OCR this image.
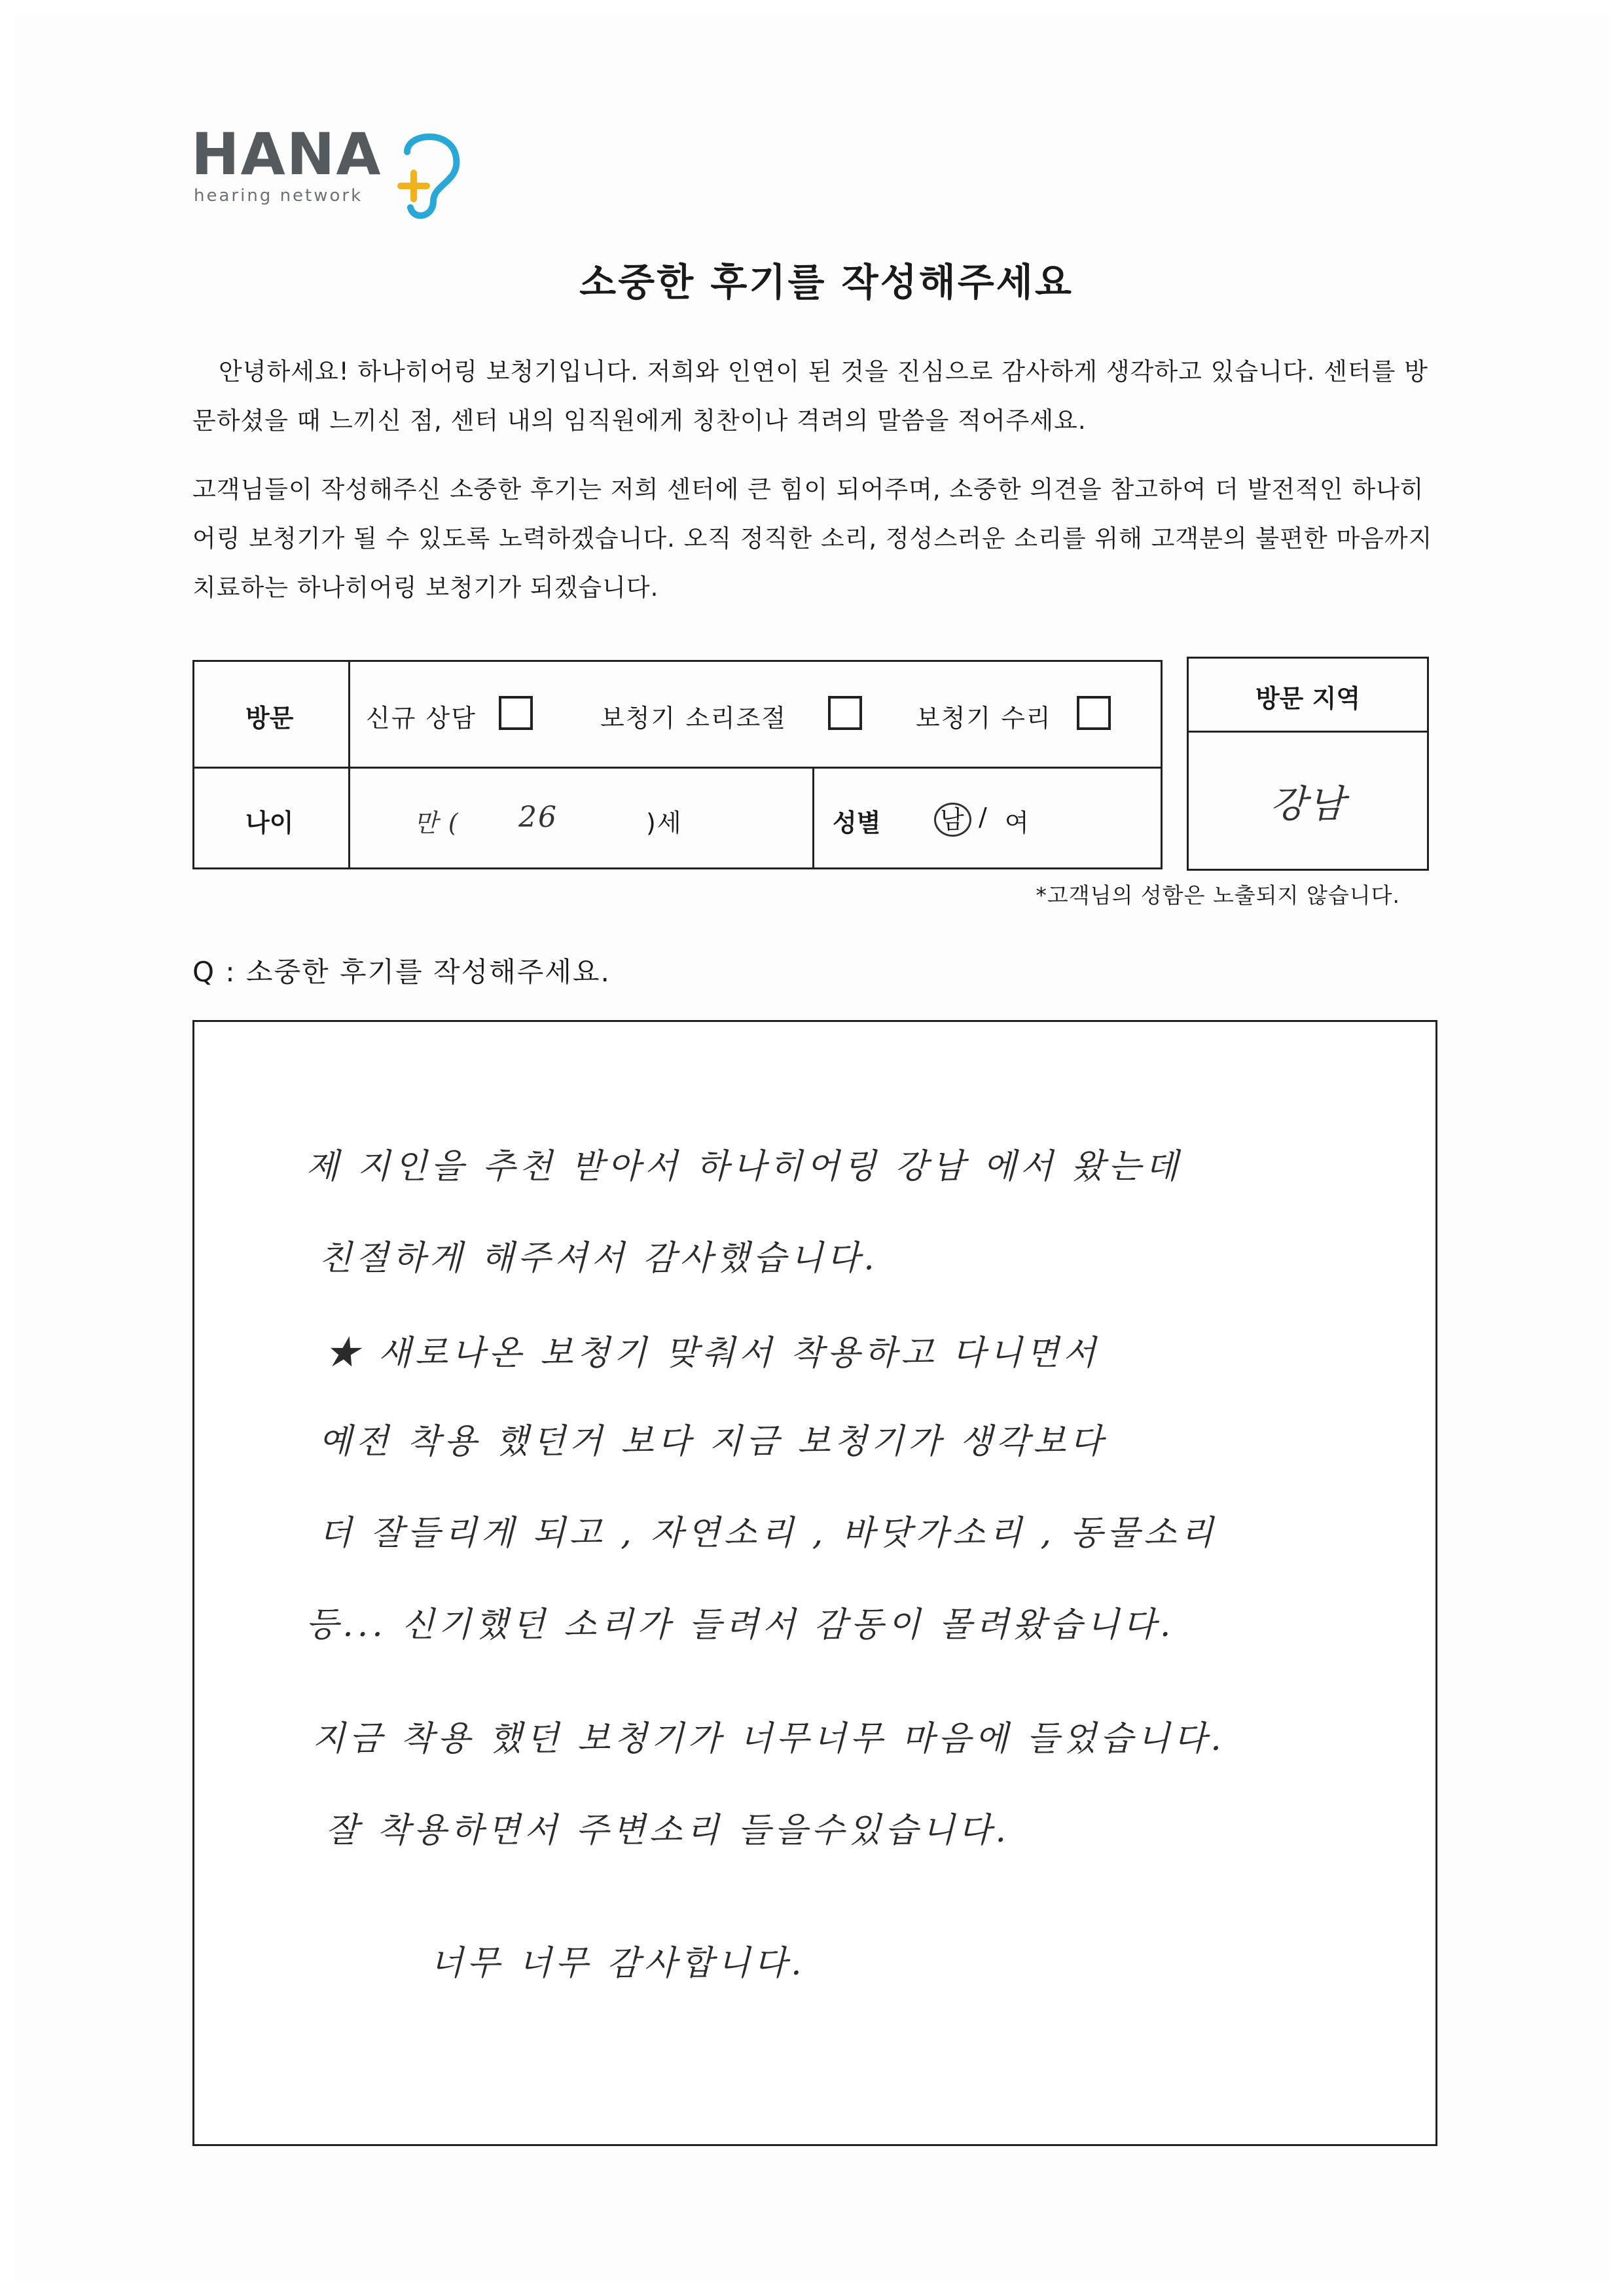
HANA
hearing network
소중한 후기를 작성해주세요
안녕하세요! 하나히어링 보청기입니다. 저희와 인연이 된 것을 진심으로 감사하게 생각하고 있습니다. 센터를 방문하셨을 때 느끼신 점, 센터 내의 임직원에게 칭찬이나 격려의 말씀을 적어주세요.
고객님들이 작성해주신 소중한 후기는 저희 센터에 큰 힘이 되어주며, 소중한 의견을 참고하여 더 발전적인 하나히어링 보청기가 될 수 있도록 노력하겠습니다. 오직 정직한 소리, 정성스러운 소리를 위해 고객분의 불편한 마음까지 치료하는 하나히어링 보청기가 되겠습니다.
방문	신규 상담	보청기 소리조절	보청기 수리
나이	만 ( 26	)세	성별 남 / 여
방문 지역
강남
*고객님의 성함은 노출되지 않습니다.
Q : 소중한 후기를 작성해주세요.
제 지인을 추천 받아서 하나히어링 강남 에서 왔는데
친절하게 해주셔서 감사했습니다.
★ 새로나온 보청기 맞춰서 착용하고 다니면서
예전 착용 했던거 보다 지금 보청기가 생각보다
더 잘들리게 되고 , 자연소리 , 바닷가소리 , 동물소리
등... 신기했던 소리가 들려서 감동이 몰려왔습니다.
지금 착용 했던 보청기가 너무너무 마음에 들었습니다.
잘 착용하면서 주변소리 들을수있습니다.
너무 너무 감사합니다.
